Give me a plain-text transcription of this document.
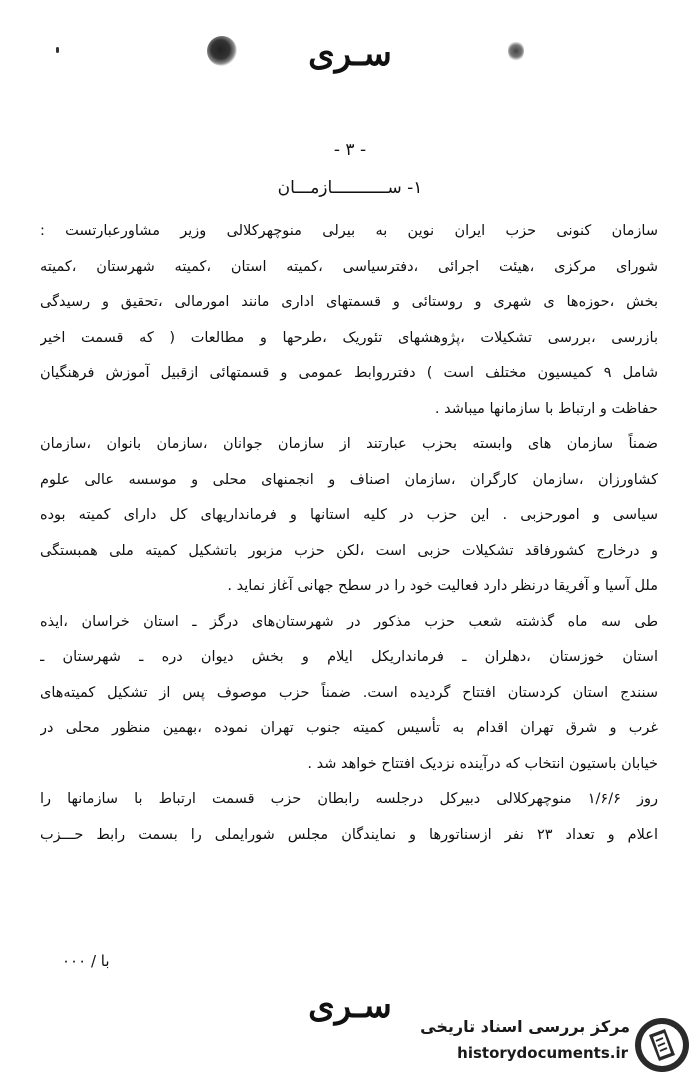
سـری
- ۳ -
۱- ســـــــــــازمـــان
سازمان کنونی حزب ایران نوین به بیرلی منوچهرکلالی وزیر مشاورعبارتست :
شورای مرکزی ،هیئت اجرائی ،دفترسیاسی ،کمیته استان ،کمیته شهرستان ،کمیته
بخش ،حوزه‌ها ی شهری و روستائی و قسمتهای اداری مانند امورمالی ،تحقیق و رسیدگی
بازرسی ،بررسی تشکیلات ،پژوهشهای تئوریک ،طرحها و مطالعات ( که قسمت اخیر
شامل ۹ کمیسیون مختلف است ) دفترروابط عمومی و قسمتهائی ازقبیل آموزش فرهنگیان
حفاظت و ارتباط با سازمانها میباشد .
ضمناً سازمان های وابسته بحزب عبارتند از سازمان جوانان ،سازمان بانوان ،سازمان
کشاورزان ،سازمان کارگران ،سازمان اصناف و انجمنهای محلی و موسسه عالی علوم
سیاسی و امورحزبی . این حزب در کلیه استانها و فرمانداریهای کل دارای کمیته بوده
و درخارج کشورفاقد تشکیلات حزبی است ،لکن حزب مزبور باتشکیل کمیته ملی همبستگی
ملل آسیا و آفریقا درنظر دارد فعالیت خود را در سطح جهانی آغاز نماید .
طی سه ماه گذشته شعب حزب مذکور در شهرستان‌های درگز ـ استان خراسان ،ایذه
استان خوزستان ،دهلران ـ فرمانداریکل ایلام و بخش دیوان دره ـ شهرستان ـ
سنندج استان کردستان افتتاح گردیده است. ضمناً حزب موصوف پس از تشکیل کمیته‌های
غرب و شرق تهران اقدام به تأسیس کمیته جنوب تهران نموده ،بهمین منظور محلی در
خیابان باستیون انتخاب که درآینده نزدیک افتتاح خواهد شد .
روز ۱/۶/۶ منوچهرکلالی دبیرکل درجلسه رابطان حزب قسمت ارتباط با سازمانها را
اعلام و تعداد ۲۳ نفر ازسناتورها و نمایندگان مجلس شورایملی را بسمت رابط حـــزب
با / ۰۰۰
سـری
مرکز بررسی اسناد تاریخی
historydocuments.ir
